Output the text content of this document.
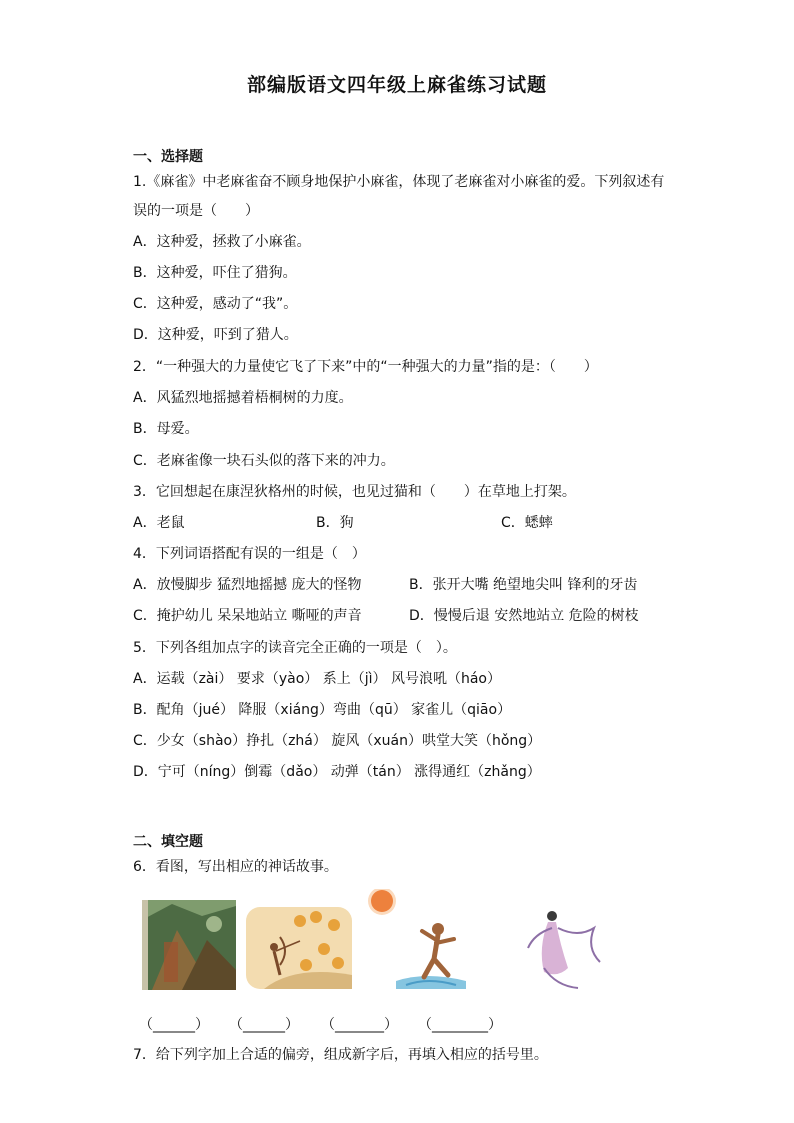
部编版语文四年级上麻雀练习试题
一、选择题
1.《麻雀》中老麻雀奋不顾身地保护小麻雀，体现了老麻雀对小麻雀的爱。下列叙述有
误的一项是（　　）
A．这种爱，拯救了小麻雀。
B．这种爱，吓住了猎狗。
C．这种爱，感动了“我”。
D．这种爱，吓到了猎人。
2．“一种强大的力量使它飞了下来”中的“一种强大的力量”指的是：（　　）
A．风猛烈地摇撼着梧桐树的力度。
B．母爱。
C．老麻雀像一块石头似的落下来的冲力。
3．它回想起在康涅狄格州的时候，也见过猫和（　　）在草地上打架。
A．老鼠	B．狗	C．蟋蟀
4．下列词语搭配有误的一组是（　）
A．放慢脚步 猛烈地摇撼 庞大的怪物	B．张开大嘴 绝望地尖叫 锋利的牙齿
C．掩护幼儿 呆呆地站立 嘶哑的声音	D．慢慢后退 安然地站立 危险的树枝
5．下列各组加点字的读音完全正确的一项是（　）。
A．运载（zài） 要求（yào） 系上（jì） 风号浪吼（háo）
B．配角（jué） 降服（xiáng）弯曲（qū） 家雀儿（qiāo）
C．少女（shào）挣扎（zhá） 旋风（xuán）哄堂大笑（hǒng）
D．宁可（níng）倒霉（dǎo） 动弹（tán） 涨得通红（zhǎng）
二、填空题
6．看图，写出相应的神话故事。
（______） （______） （_______） （________）
7．给下列字加上合适的偏旁，组成新字后，再填入相应的括号里。
